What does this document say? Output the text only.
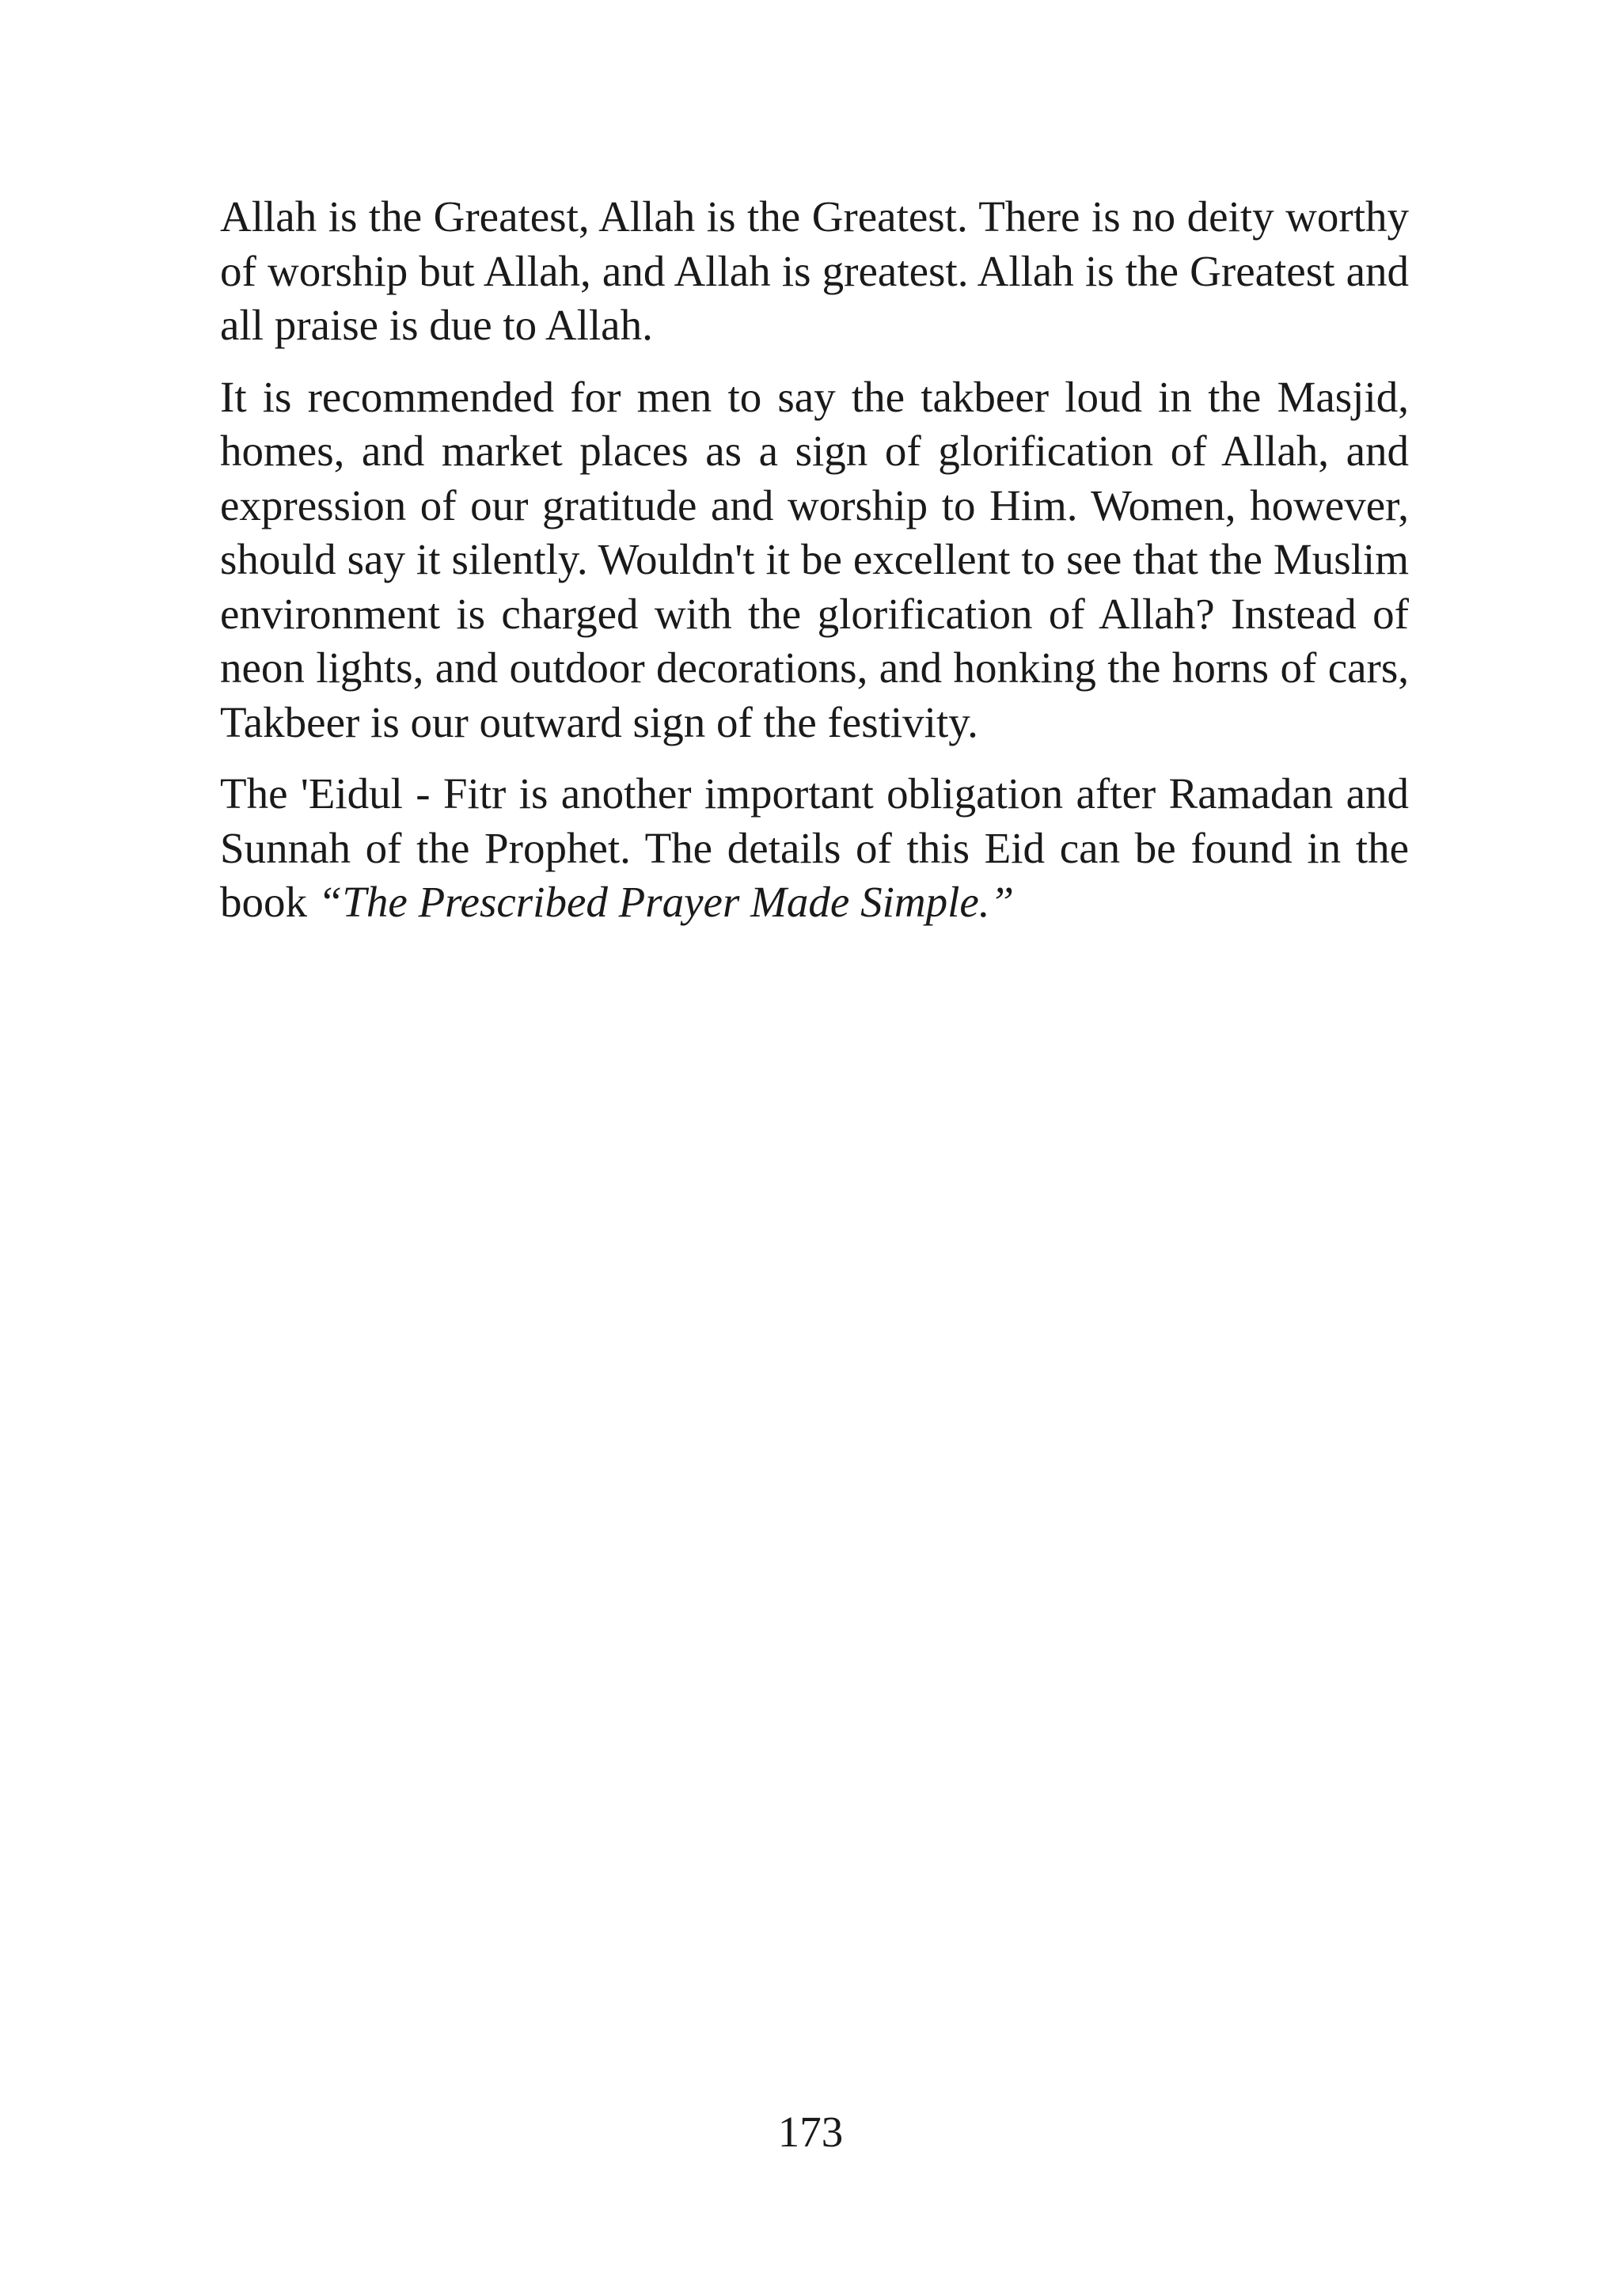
Allah is the Greatest, Allah is the Greatest. There is no deity worthy of worship but Allah, and Allah is greatest. Allah is the Greatest and all praise is due to Allah.

It is recommended for men to say the takbeer loud in the Masjid, homes, and market places as a sign of glorification of Allah, and expression of our gratitude and worship to Him. Women, however, should say it silently. Wouldn't it be excellent to see that the Muslim environment is charged with the glorification of Allah? Instead of neon lights, and outdoor decorations, and honking the horns of cars, Takbeer is our outward sign of the festivity.

The 'Eidul - Fitr is another important obligation after Ramadan and Sunnah of the Prophet. The details of this Eid can be found in the book “The Prescribed Prayer Made Simple.”

173
